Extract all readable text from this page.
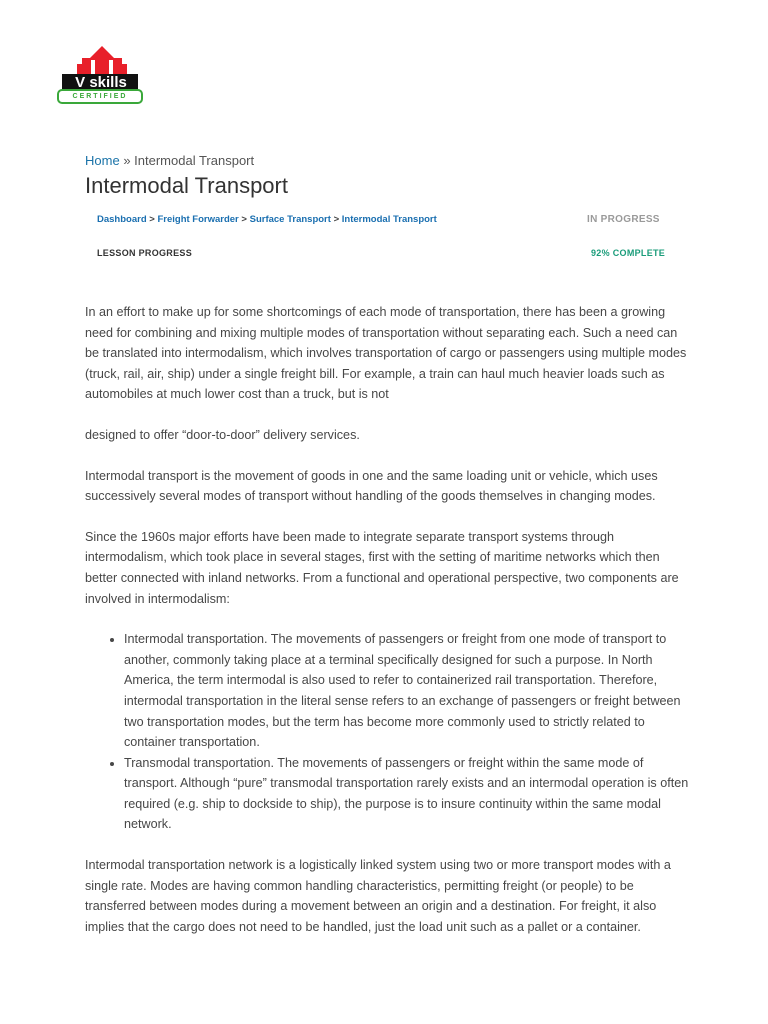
V skills
CERTIFIED
Home » Intermodal Transport
Intermodal Transport
Dashboard > Freight Forwarder > Surface Transport > Intermodal Transport	IN PROGRESS
LESSON PROGRESS	92% COMPLETE

In an effort to make up for some shortcomings of each mode of transportation, there has been a growing need for combining and mixing multiple modes of transportation without separating each. Such a need can be translated into intermodalism, which involves transportation of cargo or passengers using multiple modes (truck, rail, air, ship) under a single freight bill. For example, a train can haul much heavier loads such as automobiles at much lower cost than a truck, but is not

designed to offer “door-to-door” delivery services.

Intermodal transport is the movement of goods in one and the same loading unit or vehicle, which uses successively several modes of transport without handling of the goods themselves in changing modes.

Since the 1960s major efforts have been made to integrate separate transport systems through intermodalism, which took place in several stages, first with the setting of maritime networks which then better connected with inland networks. From a functional and operational perspective, two components are involved in intermodalism:

• Intermodal transportation. The movements of passengers or freight from one mode of transport to another, commonly taking place at a terminal specifically designed for such a purpose. In North America, the term intermodal is also used to refer to containerized rail transportation. Therefore, intermodal transportation in the literal sense refers to an exchange of passengers or freight between two transportation modes, but the term has become more commonly used to strictly related to container transportation.
• Transmodal transportation. The movements of passengers or freight within the same mode of transport. Although “pure” transmodal transportation rarely exists and an intermodal operation is often required (e.g. ship to dockside to ship), the purpose is to insure continuity within the same modal network.

Intermodal transportation network is a logistically linked system using two or more transport modes with a single rate. Modes are having common handling characteristics, permitting freight (or people) to be transferred between modes during a movement between an origin and a destination. For freight, it also implies that the cargo does not need to be handled, just the load unit such as a pallet or a container.
